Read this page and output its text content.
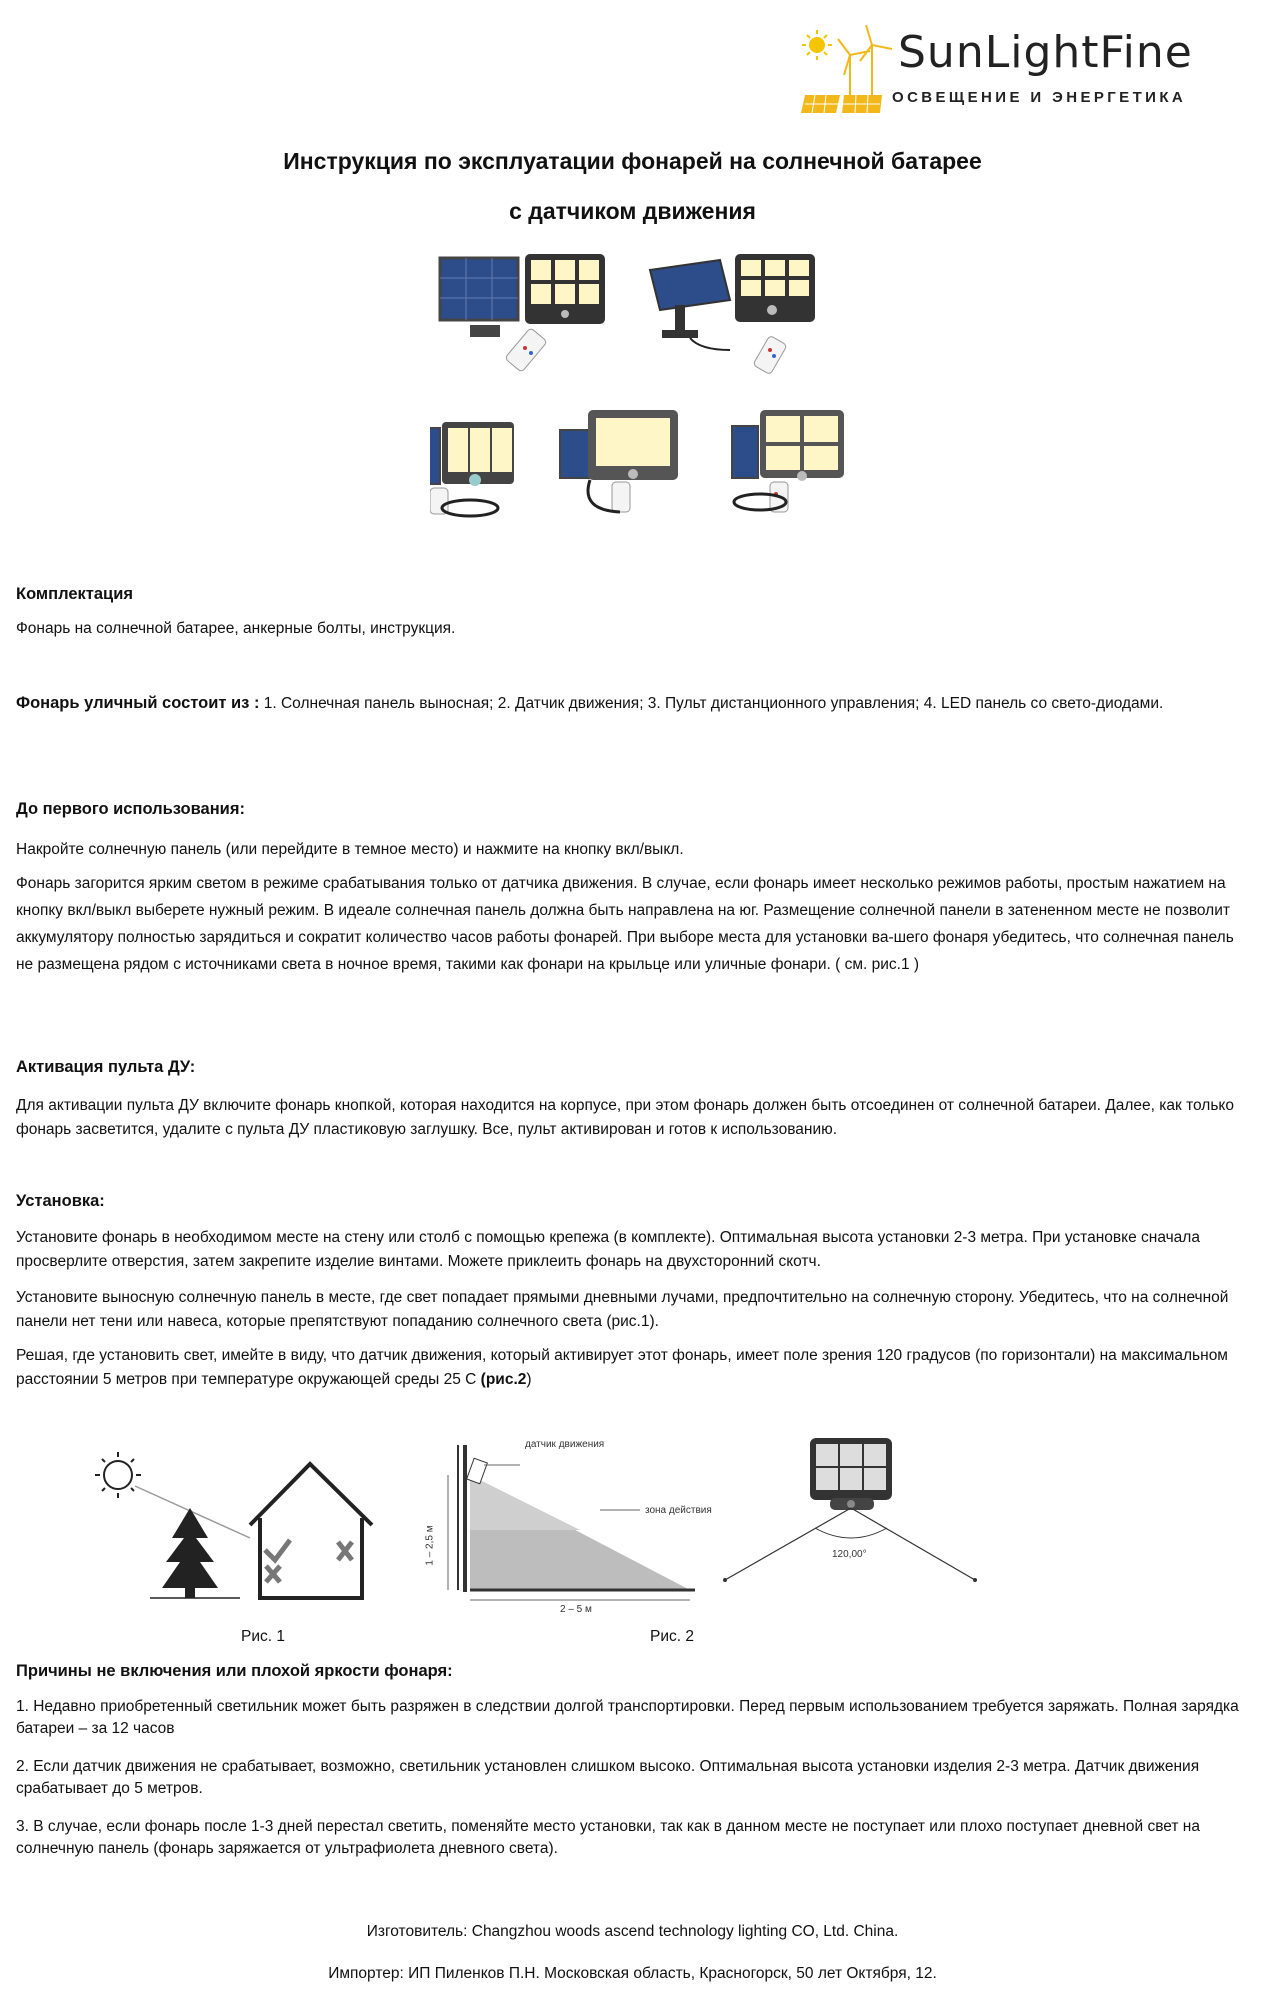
SunLightFine
ОСВЕЩЕНИЕ И ЭНЕРГЕТИКА
Инструкция по эксплуатации фонарей на солнечной батарее
с датчиком движения
Комплектация
Фонарь на солнечной батарее, анкерные болты, инструкция.
Фонарь уличный состоит из : 1. Солнечная панель выносная; 2. Датчик движения; 3. Пульт дистанционного управления; 4. LED панель со свето-диодами.
До первого использования:
Накройте солнечную панель (или перейдите в темное место) и нажмите на кнопку вкл/выкл.
Фонарь загорится ярким светом в режиме срабатывания только от датчика движения. В случае, если фонарь имеет несколько режимов работы, простым нажатием на кнопку вкл/выкл выберете нужный режим. В идеале солнечная панель должна быть направлена на юг. Размещение солнечной панели в затененном месте не позволит аккумулятору полностью зарядиться и сократит количество часов работы фонарей. При выборе места для установки ва-шего фонаря убедитесь, что солнечная панель не размещена рядом с источниками света в ночное время, такими как фонари на крыльце или уличные фонари. ( см. рис.1 )
Активация пульта ДУ:
Для активации пульта ДУ включите фонарь кнопкой, которая находится на корпусе, при этом фонарь должен быть отсоединен от солнечной батареи. Далее, как только фонарь засветится, удалите с пульта ДУ пластиковую заглушку. Все, пульт активирован и готов к использованию.
Установка:
Установите фонарь в необходимом месте на стену или столб с помощью крепежа (в комплекте). Оптимальная высота установки 2-3 метра. При установке сначала просверлите отверстия, затем закрепите изделие винтами. Можете приклеить фонарь на двухсторонний скотч.
Установите выносную солнечную панель в месте, где свет попадает прямыми дневными лучами, предпочтительно на солнечную сторону. Убедитесь, что на солнечной панели нет тени или навеса, которые препятствуют попаданию солнечного света (рис.1).
Решая, где установить свет, имейте в виду, что датчик движения, который активирует этот фонарь, имеет поле зрения 120 градусов (по горизонтали) на максимальном расстоянии 5 метров при температуре окружающей среды 25 С (рис.2)
датчик движения
зона действия
1 – 2,5 м
2 – 5 м
120,00°
Рис. 1	Рис. 2
Причины не включения или плохой яркости фонаря:
1. Недавно приобретенный светильник может быть разряжен в следствии долгой транспортировки. Перед первым использованием требуется заряжать. Полная зарядка батареи – за 12 часов
2. Если датчик движения не срабатывает, возможно, светильник установлен слишком высоко. Оптимальная высота установки изделия 2-3 метра. Датчик движения срабатывает до 5 метров.
3. В случае, если фонарь после 1-3 дней перестал светить, поменяйте место установки, так как в данном месте не поступает или плохо поступает дневной свет на солнечную панель (фонарь заряжается от ультрафиолета дневного света).
Изготовитель: Changzhou woods ascend technology lighting CO, Ltd. China.
Импортер: ИП Пиленков П.Н. Московская область, Красногорск, 50 лет Октября, 12.
